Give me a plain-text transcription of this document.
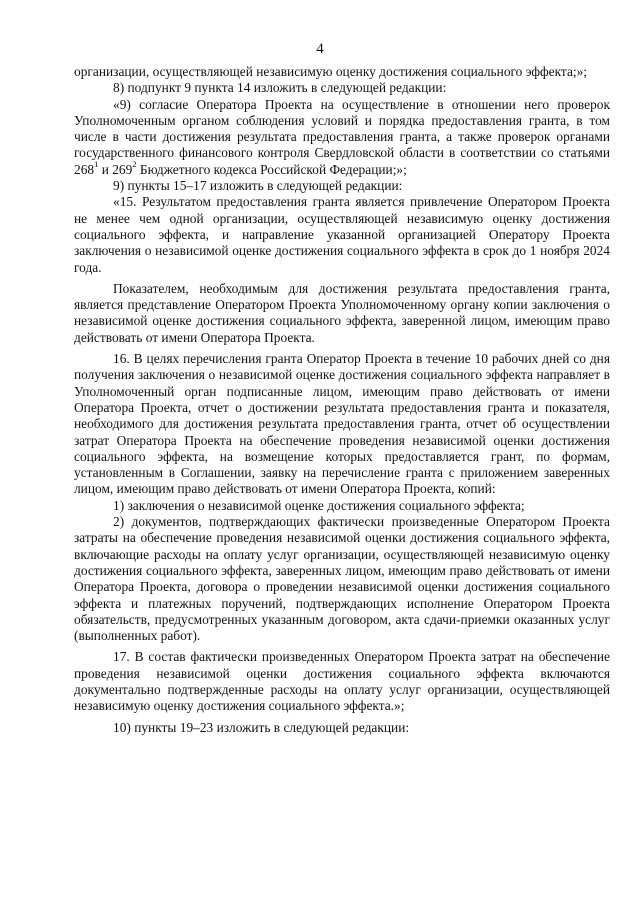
4

организации, осуществляющей независимую оценку достижения социального эффекта;»;

8) подпункт 9 пункта 14 изложить в следующей редакции:

«9) согласие Оператора Проекта на осуществление в отношении него проверок Уполномоченным органом соблюдения условий и порядка предоставления гранта, в том числе в части достижения результата предоставления гранта, а также проверок органами государственного финансового контроля Свердловской области в соответствии со статьями $268^1$ и $269^2$ Бюджетного кодекса Российской Федерации;»;

9) пункты 15–17 изложить в следующей редакции:

«15. Результатом предоставления гранта является привлечение Оператором Проекта не менее чем одной организации, осуществляющей независимую оценку достижения социального эффекта, и направление указанной организацией Оператору Проекта заключения о независимой оценке достижения социального эффекта в срок до 1 ноября 2024 года.

Показателем, необходимым для достижения результата предоставления гранта, является представление Оператором Проекта Уполномоченному органу копии заключения о независимой оценке достижения социального эффекта, заверенной лицом, имеющим право действовать от имени Оператора Проекта.

16. В целях перечисления гранта Оператор Проекта в течение 10 рабочих дней со дня получения заключения о независимой оценке достижения социального эффекта направляет в Уполномоченный орган подписанные лицом, имеющим право действовать от имени Оператора Проекта, отчет о достижении результата предоставления гранта и показателя, необходимого для достижения результата предоставления гранта, отчет об осуществлении затрат Оператора Проекта на обеспечение проведения независимой оценки достижения социального эффекта, на возмещение которых предоставляется грант, по формам, установленным в Соглашении, заявку на перечисление гранта с приложением заверенных лицом, имеющим право действовать от имени Оператора Проекта, копий:

1) заключения о независимой оценке достижения социального эффекта;

2) документов, подтверждающих фактически произведенные Оператором Проекта затраты на обеспечение проведения независимой оценки достижения социального эффекта, включающие расходы на оплату услуг организации, осуществляющей независимую оценку достижения социального эффекта, заверенных лицом, имеющим право действовать от имени Оператора Проекта, договора о проведении независимой оценки достижения социального эффекта и платежных поручений, подтверждающих исполнение Оператором Проекта обязательств, предусмотренных указанным договором, акта сдачи-приемки оказанных услуг (выполненных работ).

17. В состав фактически произведенных Оператором Проекта затрат на обеспечение проведения независимой оценки достижения социального эффекта включаются документально подтвержденные расходы на оплату услуг организации, осуществляющей независимую оценку достижения социального эффекта.»;

10) пункты 19–23 изложить в следующей редакции:
